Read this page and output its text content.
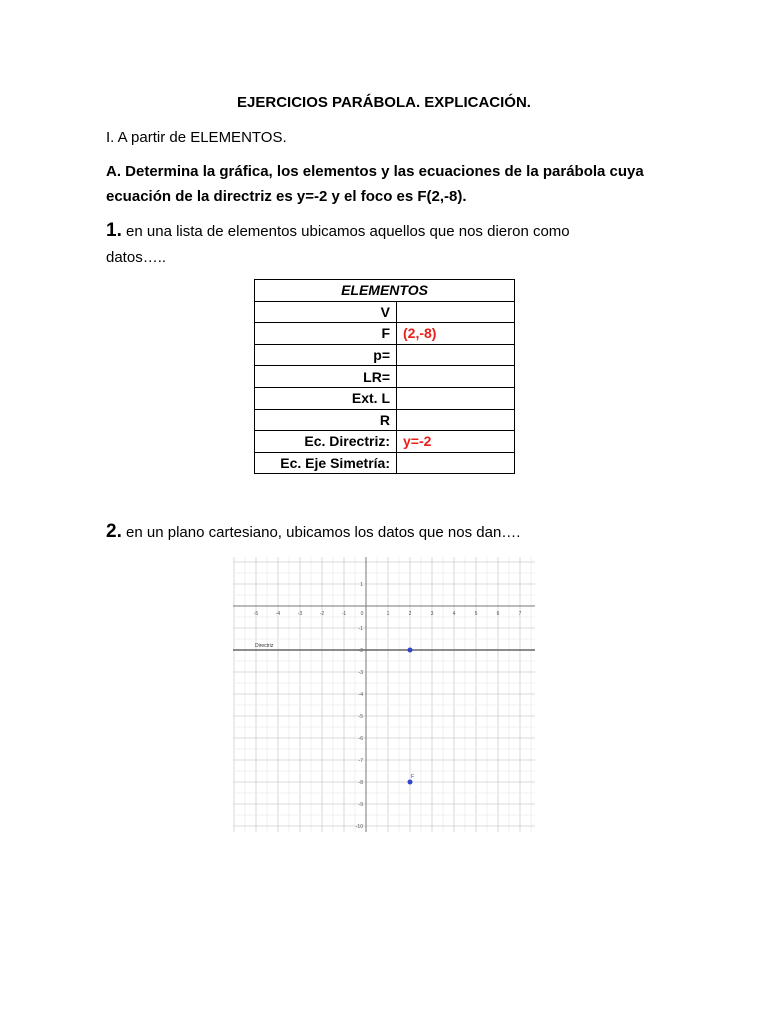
EJERCICIOS PARÁBOLA. EXPLICACIÓN.
I. A partir de ELEMENTOS.
A. Determina la gráfica, los elementos y las ecuaciones de la parábola cuya
ecuación de la directriz es y=-2 y el foco es F(2,-8).
1. en una lista de elementos ubicamos aquellos que nos dieron como
datos…..
ELEMENTOS	
V	
F	(2,-8)
p=	
LR=	
Ext. L	
R	
Ec. Directriz:	y=-2
Ec. Eje Simetría:	
2. en un plano cartesiano, ubicamos los datos que nos dan….
-5	-4	-3	-2	-1	0	1	2	3	4	5	6	7
1
-1
-2
-3
-4
-5
-6
-7
-8
-9
-10
Directriz
F
